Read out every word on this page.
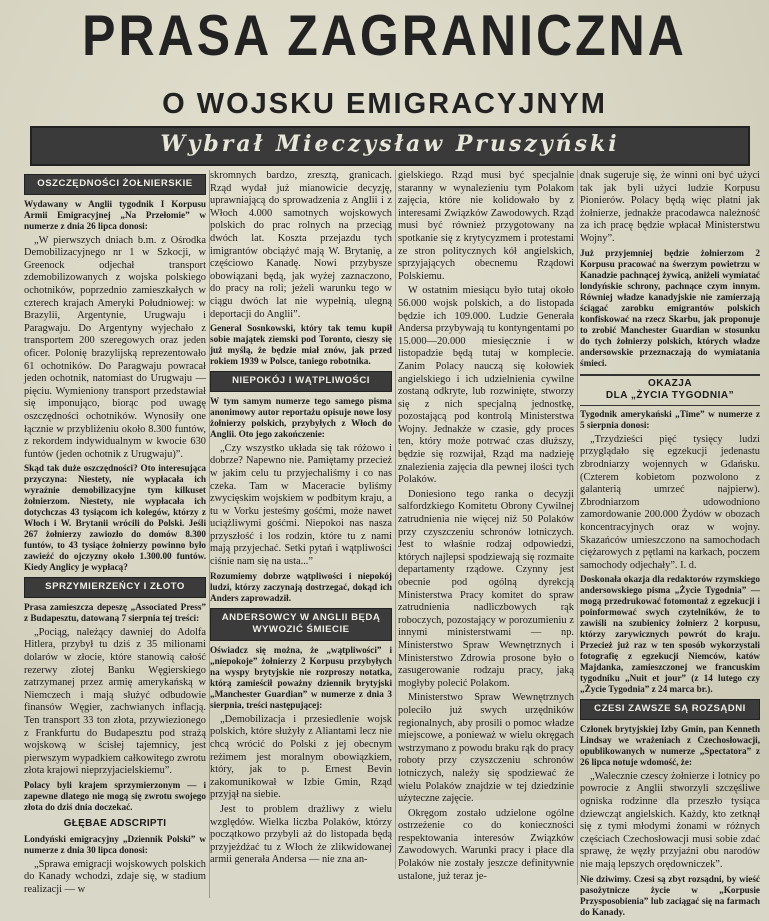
PRASA ZAGRANICZNA
O WOJSKU EMIGRACYJNYM
Wybrał Mieczysław Pruszyński
OSZCZĘDNOŚCI ŻOŁNIERSKIE
Wydawany w Anglii tygodnik I Korpusu Armii Emigracyjnej „Na Przełomie” w numerze z dnia 26 lipca donosi:

„W pierwszych dniach b.m. z Ośrodka Demobilizacyjnego nr 1 w Szkocji, w Greenock odjechał transport zdemobilizowanych z wojska polskiego ochotników, poprzednio zamieszkałych w czterech krajach Ameryki Południowej: w Brazylii, Argentynie, Urugwaju i Paragwaju. Do Argentyny wyjechało z transportem 200 szeregowych oraz jeden oficer. Polonię brazylijską reprezentowało 61 ochotników. Do Paragwaju powracał jeden ochotnik, natomiast do Urugwaju — pięciu. Wymieniony transport przedstawiał się imponująco, biorąc pod uwagę oszczędności ochotników. Wynosiły one łącznie w przybliżeniu około 8.300 funtów, z rekordem indywidualnym w kwocie 630 funtów (jeden ochotnik z Urugwaju)”.

Skąd tak duże oszczędności? Oto interesująca przyczyna: Niestety, nie wypłacała ich wyraźnie demobilizacyjne tym kilkuset żołnierzom. Niestety, nie wypłacała ich dotychczas 43 tysiącom ich kolegów, którzy z Włoch i W. Brytanii wrócili do Polski. Jeśli 267 żołnierzy zawiozło do domów 8.300 funtów, to 43 tysiące żołnierzy powinno było zawieźć do ojczyzny około 1.300.00 funtów. Kiedy Anglicy je wypłacą?
SPRZYMIERZEŃCY I ZŁOTO
Prasa zamieszcza depeszę „Associated Press” z Budapesztu, datowaną 7 sierpnia tej treści:

„Pociąg, należący dawniej do Adolfa Hitlera, przybył tu dziś z 35 milionami dolarów w złocie, które stanowią całość rezerwy złotej Banku Węgierskiego zatrzymanej przez armię amerykańską w Niemczech i mają służyć odbudowie finansów Węgier, zachwianych inflacją. Ten transport 33 ton złota, przywiezionego z Frankfurtu do Budapesztu pod strażą wojskową w ścisłej tajemnicy, jest pierwszym wypadkiem całkowitego zwrotu złota krajowi nieprzyjacielskiemu”.

Polacy byli krajem sprzymierzonym — i zapewne dlatego nie mogą się zwrotu swojego złota do dziś dnia doczekać.
GŁĘBAE ADSCRIPTI
Londyński emigracyjny „Dziennik Polski” w numerze z dnia 30 lipca donosi:

„Sprawa emigracji wojskowych polskich do Kanady wchodzi, zdaje się, w stadium realizacji — w

skromnych bardzo, zresztą, granicach. Rząd wydał już mianowicie decyzję, uprawniającą do sprowadzenia z Anglii i z Włoch 4.000 samotnych wojskowych polskich do prac rolnych na przeciąg dwóch lat. Koszta przejazdu tych imigrantów obciążyć mają W. Brytanię, a częściowo Kanadę. Nowi przybysze obowiązani będą, jak wyżej zaznaczono, do pracy na roli; jeżeli warunku tego w ciągu dwóch lat nie wypełnią, ulegną deportacji do Anglii”.

General Sosnkowski, który tak temu kupił sobie majątek ziemski pod Toronto, cieszy się już myślą, że będzie miał znów, jak przed rokiem 1939 w Polsce, taniego robotnika.
NIEPOKÓJ I WĄTPLIWOŚCI
W tym samym numerze tego samego pisma anonimowy autor reportażu opisuje nowe losy żołnierzy polskich, przybyłych z Włoch do Anglii. Oto jego zakończenie:

„Czy wszystko układa się tak różowo i dobrze? Napewno nie. Pamiętamy przecież w jakim celu tu przyjechaliśmy i co nas czeka. Tam w Maceracie byliśmy zwycięskim wojskiem w podbitym kraju, a tu w Vorku jesteśmy gośćmi, może nawet uciążliwymi gośćmi. Niepokoi nas nasza przyszłość i los rodzin, które tu z nami mają przyjechać. Setki pytań i wątpliwości ciśnie nam się na usta...”

Rozumiemy dobrze wątpliwości i niepokój ludzi, którzy zaczynają dostrzegać, dokąd ich Anders zaprowadził.
ANDERSOWCY W ANGLII BĘDĄ WYWOZIĆ ŚMIECIE
Oświadcz się można, że „wątpliwości” i „niepokoje” żołnierzy 2 Korpusu przybyłych na wyspy brytyjskie nie rozproszy notatka, którą zamieścił poważny dziennik brytyjski „Manchester Guardian” w numerze z dnia 3 sierpnia, treści następującej:

„Demobilizacja i przesiedlenie wojsk polskich, które służyły z Aliantami lecz nie chcą wrócić do Polski z jej obecnym reżimem jest moralnym obowiązkiem, który, jak to p. Ernest Bevin zakomunikował w Izbie Gmin, Rząd przyjął na siebie.

Jest to problem drażliwy z wielu względów. Wielka liczba Polaków, którzy początkowo przybyli aż do listopada będą przyjeżdżać tu z Włoch że zlikwidowanej armii generała Andersa — nie zna an-

gielskiego. Rząd musi być specjalnie staranny w wynalezieniu tym Polakom zajęcia, które nie kolidowało by z interesami Związków Zawodowych. Rząd musi być również przygotowany na spotkanie się z krytycyzmem i protestami ze stron politycznych kół angielskich, sprzyjających obecnemu Rządowi Polskiemu.

W ostatnim miesiącu było tutaj około 56.000 wojsk polskich, a do listopada będzie ich 109.000. Ludzie Generała Andersa przybywają tu kontyngentami po 15.000—20.000 miesięcznie i w listopadzie będą tutaj w komplecie. Zanim Polacy nauczą się kołowiek angielskiego i ich udzielnienia cywilne zostaną odkryte, lub rozwinięte, stworzy się z nich specjalną jednostkę, pozostającą pod kontrolą Ministerstwa Wojny. Jednakże w czasie, gdy proces ten, który może potrwać czas dłuższy, będzie się rozwijał, Rząd ma nadzieję znalezienia zajęcia dla pewnej ilości tych Polaków.

Doniesiono tego ranka o decyzji salfordzkiego Komitetu Obrony Cywilnej zatrudnienia nie więcej niż 50 Polaków przy czyszczeniu schronów lotniczych. Jest to właśnie rodzaj odpowiedzi, których najlepsi spodziewają się rozmaite departamenty rządowe. Czynny jest obecnie pod ogólną dyrekcją Ministerstwa Pracy komitet do spraw zatrudnienia nadliczbowych rąk roboczych, pozostający w porozumieniu z innymi ministerstwami — np. Ministerstwo Spraw Wewnętrznych i Ministerstwo Zdrowia prosone było o zasugerowanie rodzaju pracy, jaką mogłyby polecić Polakom.

Ministerstwo Spraw Wewnętrznych poleciło już swych urzędników regionalnych, aby prosili o pomoc władze miejscowe, a ponieważ w wielu okręgach wstrzymano z powodu braku rąk do pracy roboty przy czyszczeniu schronów lotniczych, należy się spodziewać że wielu Polaków znajdzie w tej dziedzinie użyteczne zajęcie.

Okręgom zostało udzielone ogólne ostrzeżenie co do konieczności respektowania interesów Związków Zawodowych. Warunki pracy i płace dla Polaków nie zostały jeszcze definitywnie ustalone, już teraz je-

dnak sugeruje się, że winni oni być użyci tak jak byli użyci ludzie Korpusu Pionierów. Polacy będą więc płatni jak żołnierze, jednakże pracodawca należność za ich pracę będzie wpłacał Ministerstwu Wojny”.

Już przyjemniej będzie żołnierzom 2 Korpusu pracować na śwerzym powietrzu w Kanadzie pachnącej żywicą, aniżeli wymiatać londyńskie schrony, pachnące czym innym. Równiej władze kanadyjskie nie zamierzają ściągać zarobku emigrantów polskich konfiskować na rzecz Skarbu, jak proponuje to zrobić Manchester Guardian w stosunku do tych żołnierzy polskich, których władze andersowskie przeznaczają do wymiatania śmieci.
OKAZJA
DLA „ŻYCIA TYGODNIA”
Tygodnik amerykański „Time” w numerze z 5 sierpnia donosi:

„Trzydzieści pięć tysięcy ludzi przyglądało się egzekucji jedenastu zbrodniarzy wojennych w Gdańsku. (Czterem kobietom pozwolono z galanterią umrzeć najpierw). Zbrodniarzom udowodniono zamordowanie 200.000 Żydów w obozach koncentracyjnych oraz w wojny. Skazańców umieszczono na samochodach ciężarowych z pętlami na karkach, poczem samochody odjechały”. I. d.

Doskonała okazja dla redaktorów rzymskiego andersowskiego pisma „Życie Tygodnia” — mogą przedrukować fotomontaż z egzekucji i poinformować swych czytelników, że to zawiśli na szubienicy żołnierz 2 korpusu, którzy zarywicznych powrót do kraju. Przecież już raz w ten sposób wykorzystali fotografię z egzekucji Niemców, katów Majdanka, zamieszczonej we francuskim tygodniku „Nuit et jour” (z 14 lutego czy „Życie Tygodnia” z 24 marca br.).
CZESI ZAWSZE SĄ ROZSĄDNI
Członek brytyjskiej Izby Gmin, pan Kenneth Lindsay we wrażeniach z Czechosłowacji, opublikowanych w numerze „Spectatora” z 26 lipca notuje wdomość, że:

„Walecznie czescy żołnierze i lotnicy po powrocie z Anglii stworzyli szczęśliwe ogniska rodzinne dla przeszło tysiąca dziewcząt angielskich. Każdy, kto zetknął się z tymi młodymi żonami w różnych częściach Czechosłowacji musi sobie zdać sprawę, że węzły przyjaźni obu narodów nie mają lepszych orędowniczek”.

Nie dziwimy. Czesi są zbyt rozsądni, by wieść pasożytnicze życie w „Korpusie Przysposobienia” lub zaciągać się na farmach do Kanady.
